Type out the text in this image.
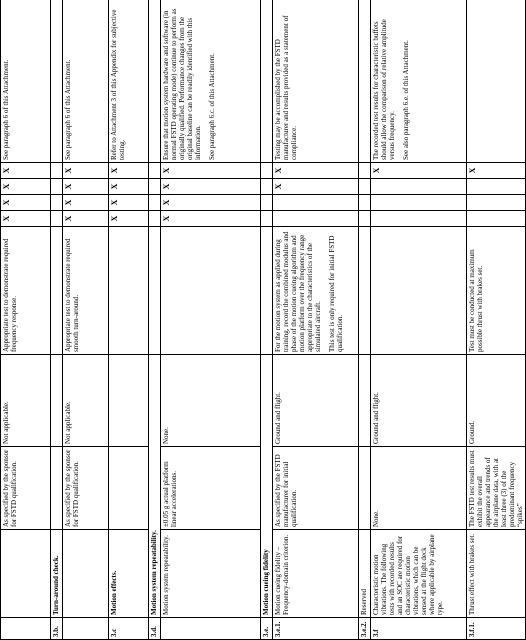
		As specified by the sponsor for FSTD qualification.	Not applicable.	Appropriate test to demonstrate required frequency response.	X	X	X	X	See paragraph 6 of this Attachment.

3.b.	Turn-around check.								
		As specified by the sponsor for FSTD qualification.	Not applicable.	Appropriate test to demonstrate required smooth turn-around.	X	X	X	X	See paragraph 6 of this Attachment.

3.c	Motion effects.				X	X	X	X	Refer to Attachment 3 of this Appendix for subjective testing.

3.d.	Motion system repeatability.								
	Motion system repeatability.	±0.05 g actual platform linear accelerations.	None.		X	X	X	X	Ensure that motion system hardware and software (in normal FSTD operating mode) continue to perform as originally qualified. Performance changes from the original baseline can be readily identified with this information. See paragraph 6.c. of this Attachment.

3.e.	Motion cueing fidelity								
3.e.1.	Motion cueing fidelity – Frequency-domain criterion.	As specified by the FSTD manufacturer for initial qualification.	Ground and flight.	For the motion system as applied during training, record the combined modulus and phase of the motion cueing algorithm and motion platform over the frequency range appropriate to the characteristics of the simulated aircraft. This test is only required for initial FSTD qualification.			X	X	Testing may be accomplished by the FSTD manufacturer and results provided as a statement of compliance.

3.e.2.	Reserved								
3.f	Characteristic motion vibrations. The following tests with recorded results and an SOC are required for characteristic motion vibrations, which can be sensed at the flight deck where applicable by airplane type.	None.	Ground and flight.					X	The recorded test results for characteristic buffets should allow the comparison of relative amplitude versus frequency. See also paragraph 6.e. of this Attachment.

3.f.1.	Thrust effect with brakes set.	The FSTD test results must exhibit the overall appearance and trends of the airplane data, with at least three (3) of the predominant frequency “spikes”	Ground.	Test must be conducted at maximum possible thrust with brakes set.				X	
